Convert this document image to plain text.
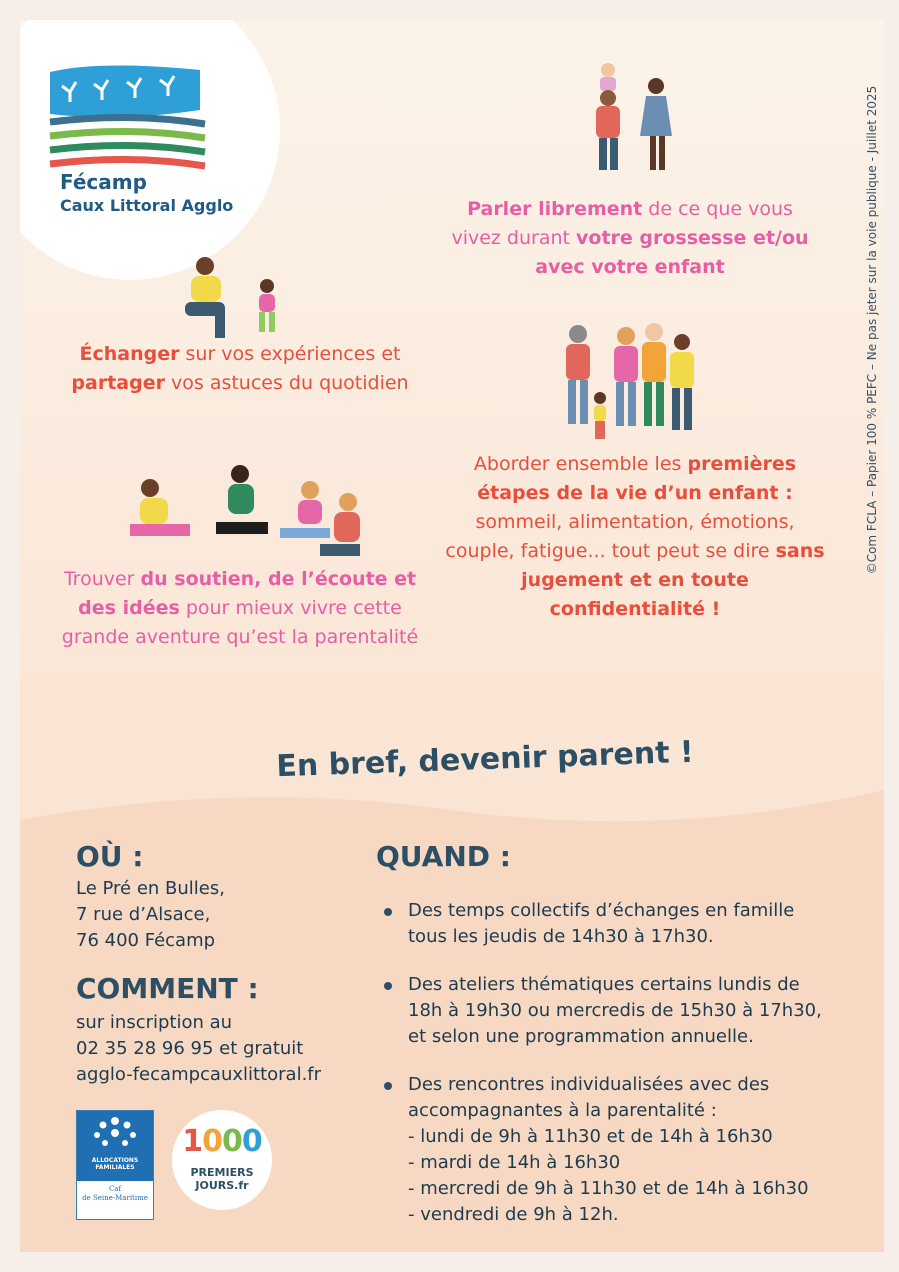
Fécamp
Caux Littoral Agglo	©Com FCLA – Papier 100 % PEFC – Ne pas jeter sur la voie publique - Juillet 2025
Parler librement de ce que vous vivez durant votre grossesse et/ou avec votre enfant
Échanger sur vos expériences et partager vos astuces du quotidien
Aborder ensemble les premières étapes de la vie d’un enfant : sommeil, alimentation, émotions, couple, fatigue... tout peut se dire sans jugement et en toute confidentialité !
Trouver du soutien, de l’écoute et des idées pour mieux vivre cette grande aventure qu’est la parentalité
En bref, devenir parent !
OÙ :
Le Pré en Bulles,
7 rue d’Alsace,
76 400 Fécamp
COMMENT :
sur inscription au
02 35 28 96 95 et gratuit
agglo-fecampcauxlittoral.fr
QUAND :
Des temps collectifs d’échanges en famille
tous les jeudis de 14h30 à 17h30.
Des ateliers thématiques certains lundis de
18h à 19h30 ou mercredis de 15h30 à 17h30,
et selon une programmation annuelle.
Des rencontres individualisées avec des
accompagnantes à la parentalité :
- lundi de 9h à 11h30 et de 14h à 16h30
- mardi de 14h à 16h30
- mercredi de 9h à 11h30 et de 14h à 16h30
- vendredi de 9h à 12h.
ALLOCATIONS
FAMILIALES
Caf
de Seine-Maritime
1000
PREMIERS
JOURS.fr
